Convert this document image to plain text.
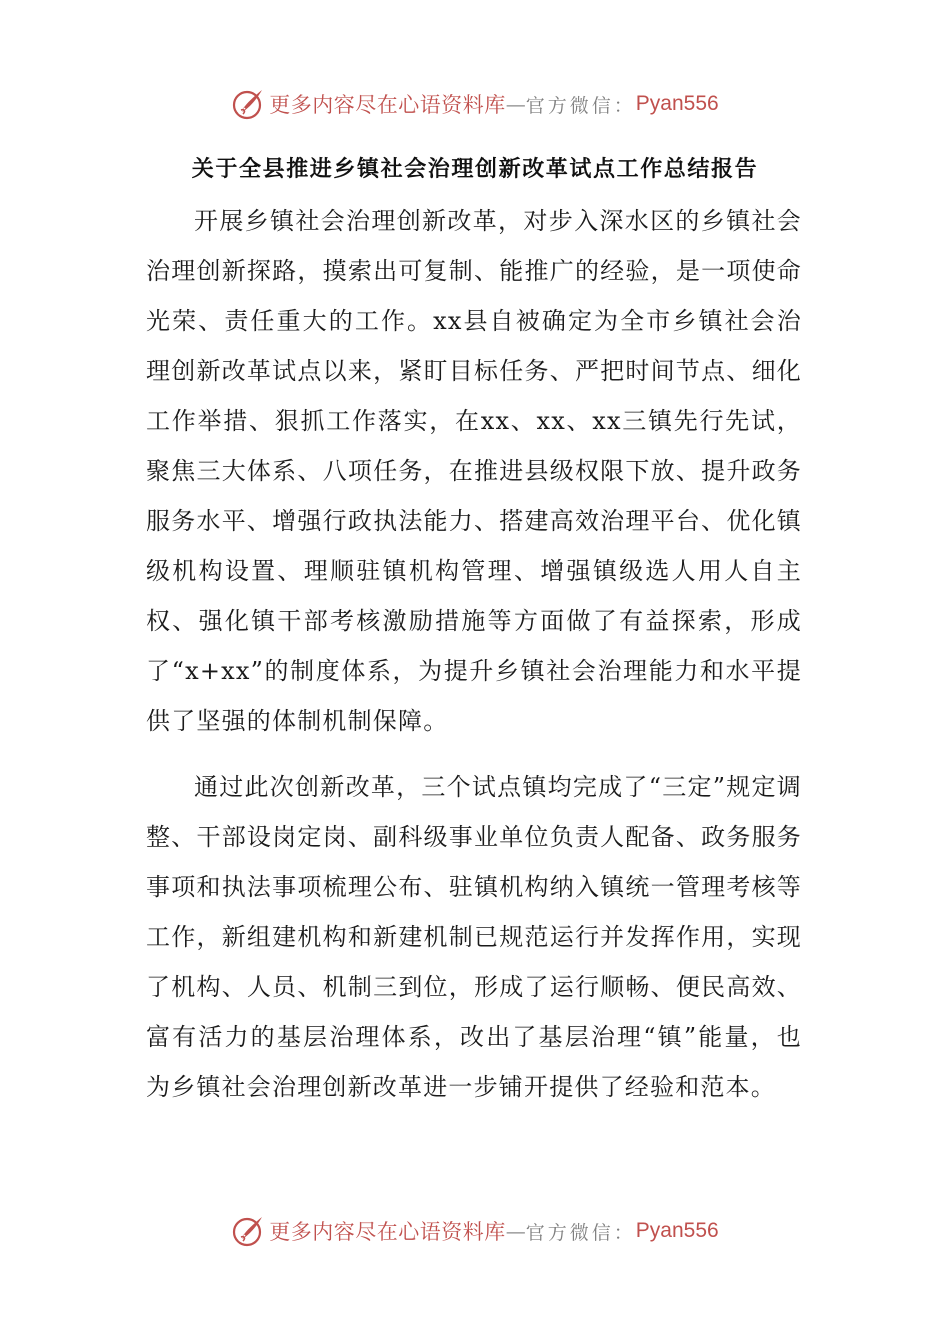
更多内容尽在心语资料库 — 官方微信： Pyan556
关于全县推进乡镇社会治理创新改革试点工作总结报告

开展乡镇社会治理创新改革，对步入深水区的乡镇社会治理创新探路，摸索出可复制、能推广的经验，是一项使命光荣、责任重大的工作。xx县自被确定为全市乡镇社会治理创新改革试点以来，紧盯目标任务、严把时间节点、细化工作举措、狠抓工作落实，在xx、xx、xx三镇先行先试，聚焦三大体系、八项任务，在推进县级权限下放、提升政务服务水平、增强行政执法能力、搭建高效治理平台、优化镇级机构设置、理顺驻镇机构管理、增强镇级选人用人自主权、强化镇干部考核激励措施等方面做了有益探索，形成了“x+xx”的制度体系，为提升乡镇社会治理能力和水平提供了坚强的体制机制保障。

通过此次创新改革，三个试点镇均完成了“三定”规定调整、干部设岗定岗、副科级事业单位负责人配备、政务服务事项和执法事项梳理公布、驻镇机构纳入镇统一管理考核等工作，新组建机构和新建机制已规范运行并发挥作用，实现了机构、人员、机制三到位，形成了运行顺畅、便民高效、富有活力的基层治理体系，改出了基层治理“镇”能量，也为乡镇社会治理创新改革进一步铺开提供了经验和范本。

更多内容尽在心语资料库 — 官方微信： Pyan556
